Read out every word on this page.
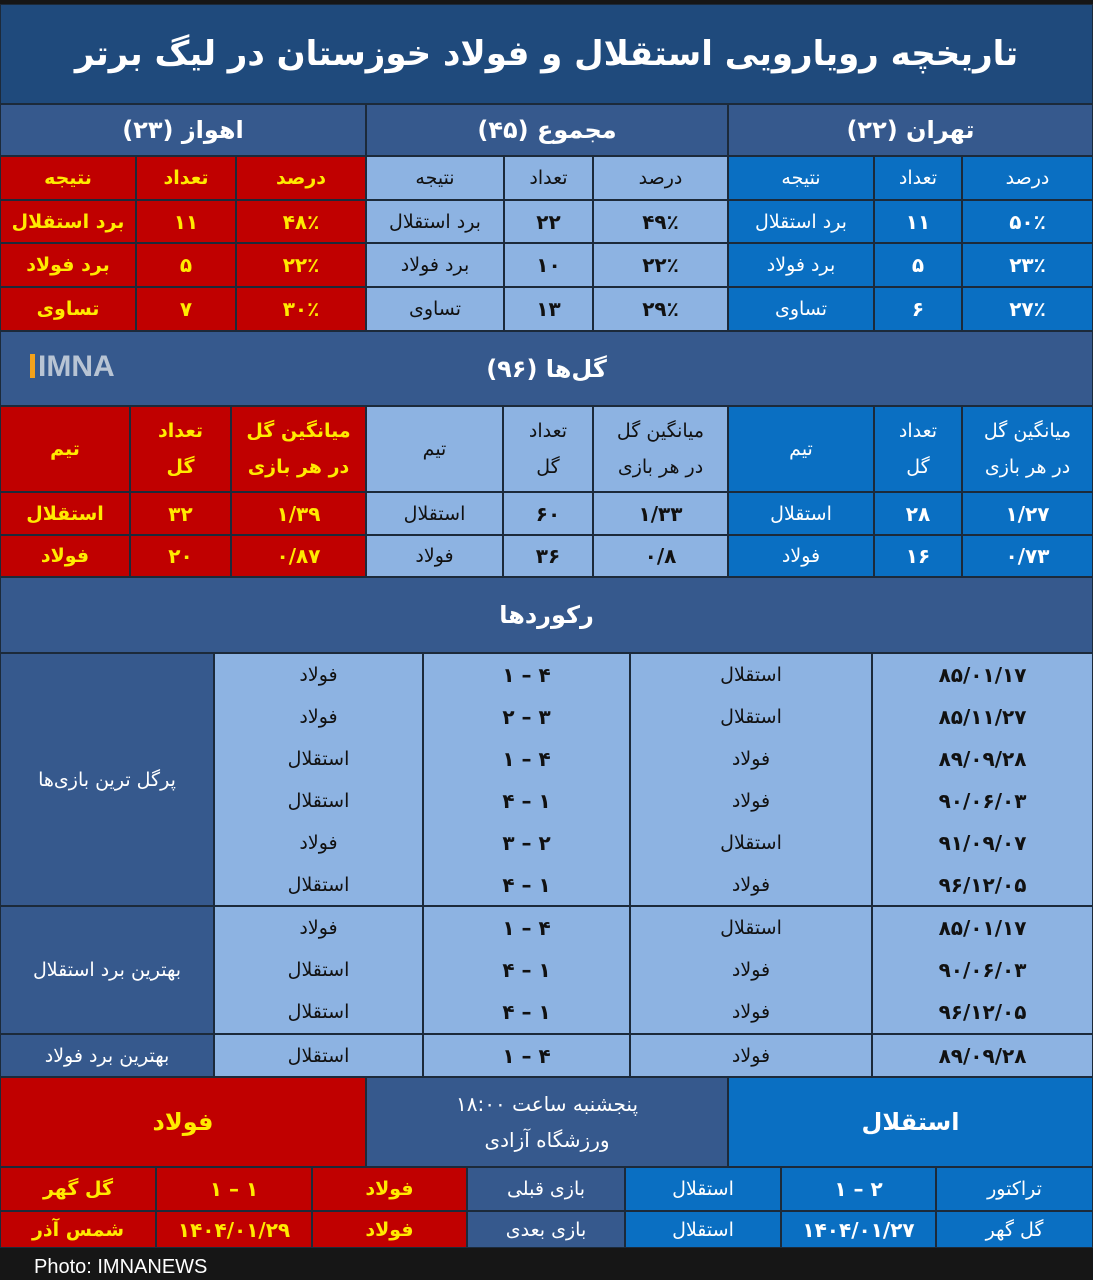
تاریخچه رویارویی استقلال و فولاد خوزستان در لیگ برتر
تهران (۲۲)
مجموع (۴۵)
اهواز (۲۳)
درصد
تعداد
نتیجه
۵۰٪
۱۱
برد استقلال
۲۳٪
۵
برد فولاد
۲۷٪
۶
تساوی
درصد
تعداد
نتیجه
۴۹٪
۲۲
برد استقلال
۲۲٪
۱۰
برد فولاد
۲۹٪
۱۳
تساوی
درصد
تعداد
نتیجه
۴۸٪
۱۱
برد استقلال
۲۲٪
۵
برد فولاد
۳۰٪
۷
تساوی
گل‌ها (۹۶)
IMNA
میانگین گل
در هر بازی
تعداد
گل
تیم
۱/۲۷
۲۸
استقلال
۰/۷۳
۱۶
فولاد
میانگین گل
در هر بازی
تعداد
گل
تیم
۱/۳۳
۶۰
استقلال
۰/۸
۳۶
فولاد
میانگین گل
در هر بازی
تعداد
گل
تیم
۱/۳۹
۳۲
استقلال
۰/۸۷
۲۰
فولاد
رکوردها
پرگل ترین بازی‌ها
۸۵/۰۱/۱۷
۸۵/۱۱/۲۷
۸۹/۰۹/۲۸
۹۰/۰۶/۰۳
۹۱/۰۹/۰۷
۹۶/۱۲/۰۵
استقلال
استقلال
فولاد
فولاد
استقلال
فولاد
۴ – ۱
۳ – ۲
۴ – ۱
۱ – ۴
۲ – ۳
۱ – ۴
فولاد
فولاد
استقلال
استقلال
فولاد
استقلال
بهترین برد استقلال
۸۵/۰۱/۱۷
۹۰/۰۶/۰۳
۹۶/۱۲/۰۵
استقلال
فولاد
فولاد
۴ – ۱
۱ – ۴
۱ – ۴
فولاد
استقلال
استقلال
بهترین برد فولاد	۸۹/۰۹/۲۸
فولاد
۴ – ۱
استقلال
استقلال
پنجشنبه ساعت ۱۸:۰۰
ورزشگاه آزادی
فولاد
تراکتور
۲ – ۱
استقلال
بازی قبلی
فولاد
۱ – ۱
گل گهر
گل گهر
۱۴۰۴/۰۱/۲۷
استقلال
بازی بعدی
فولاد
۱۴۰۴/۰۱/۲۹
شمس آذر
Photo: IMNANEWS
